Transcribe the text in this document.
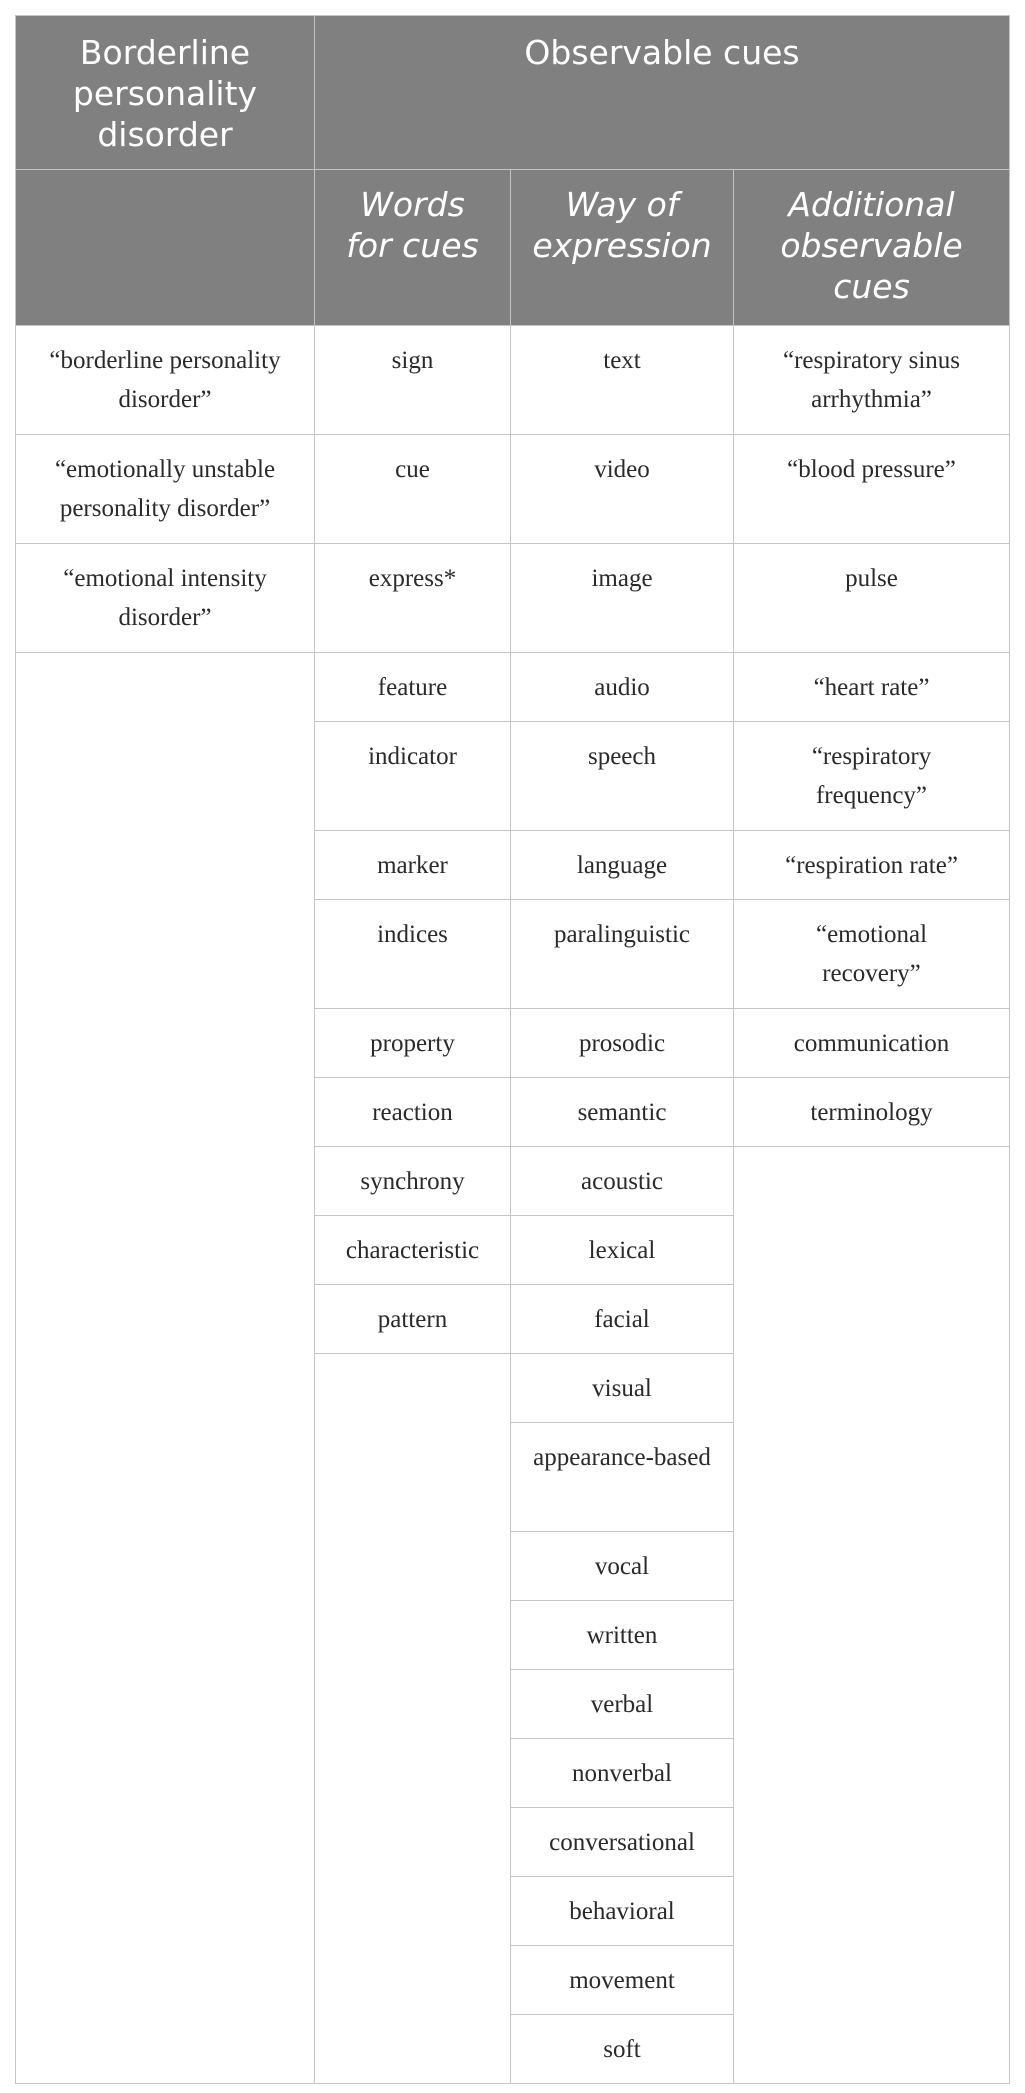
Borderline personality disorder	Observable cues		
	Words for cues	Way of expression	Additional observable cues
“borderline personality disorder”	sign	text	“respiratory sinus arrhythmia”
“emotionally unstable personality disorder”	cue	video	“blood pressure”
“emotional intensity disorder”	express*	image	pulse
	feature	audio	“heart rate”
	indicator	speech	“respiratory frequency”
	marker	language	“respiration rate”
	indices	paralinguistic	“emotional recovery”
	property	prosodic	communication
	reaction	semantic	terminology
	synchrony	acoustic	
	characteristic	lexical	
	pattern	facial	
		visual	
		appearance-based	
		vocal	
		written	
		verbal	
		nonverbal	
		conversational	
		behavioral	
		movement	
		soft	
